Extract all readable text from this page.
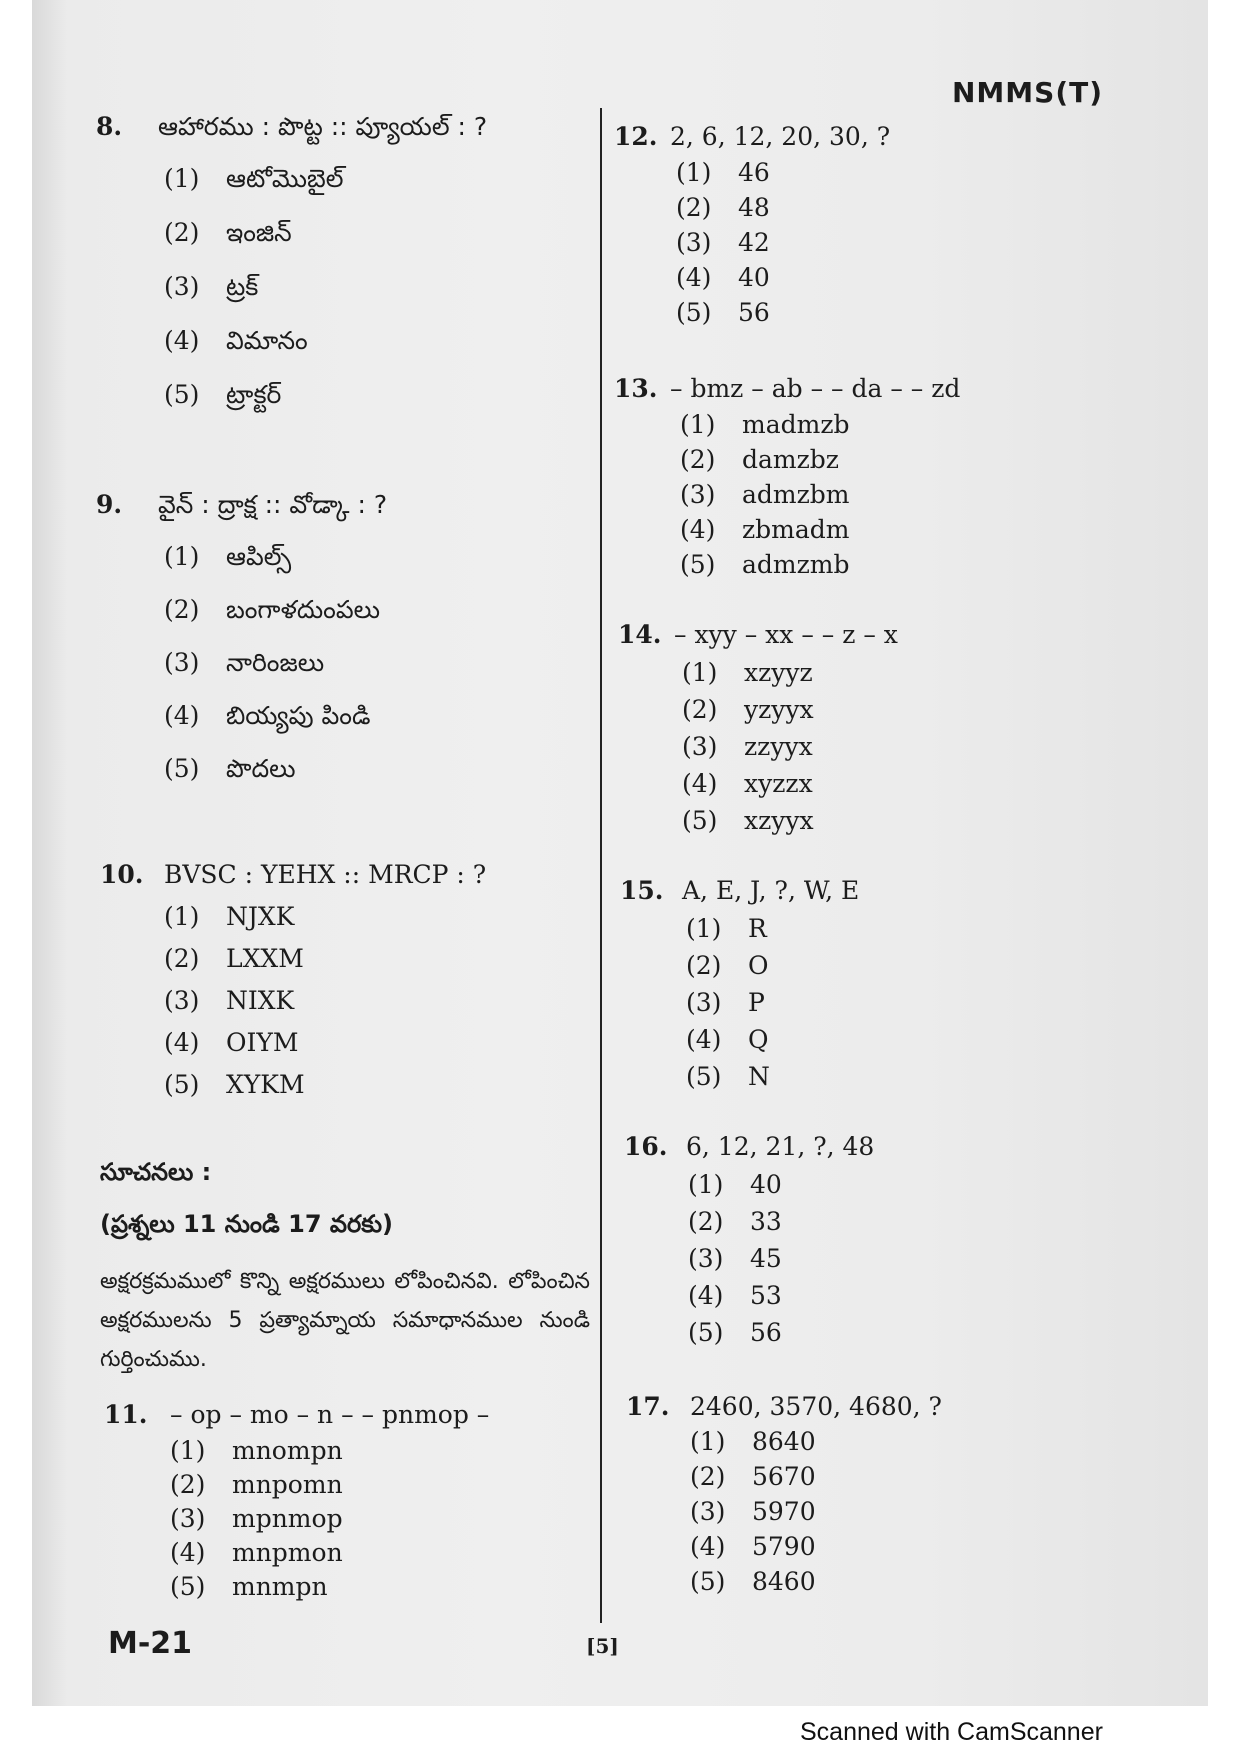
NMMS(T)
8. ఆహారము : పొట్ట :: ప్యూయల్ : ?
(1) ఆటోమొబైల్
(2) ఇంజిన్
(3) ట్రక్
(4) విమానం
(5) ట్రాక్టర్
9. వైన్ : ద్రాక్ష :: వోడ్కా : ?
(1) ఆపిల్స్
(2) బంగాళదుంపలు
(3) నారింజలు
(4) బియ్యపు పిండి
(5) పొదలు
10. BVSC : YEHX :: MRCP : ?
(1) NJXK
(2) LXXM
(3) NIXK
(4) OIYM
(5) XYKM
సూచనలు :
(ప్రశ్నలు 11 నుండి 17 వరకు)
అక్షరక్రమములో కొన్ని అక్షరములు లోపించినవి. లోపించిన అక్షరములను 5 ప్రత్యామ్నాయ సమాధానముల నుండి గుర్తించుము.
11. – op – mo – n – – pnmop –
(1) mnompn
(2) mnpomn
(3) mpnmop
(4) mnpmon
(5) mnmpn
12. 2, 6, 12, 20, 30, ?
(1) 46
(2) 48
(3) 42
(4) 40
(5) 56
13. – bmz – ab – – da – – zd
(1) madmzb
(2) damzbz
(3) admzbm
(4) zbmadm
(5) admzmb
14. – xyy – xx – – z – x
(1) xzyyz
(2) yzyyx
(3) zzyyx
(4) xyzzx
(5) xzyyx
15. A, E, J, ?, W, E
(1) R
(2) O
(3) P
(4) Q
(5) N
16. 6, 12, 21, ?, 48
(1) 40
(2) 33
(3) 45
(4) 53
(5) 56
17. 2460, 3570, 4680, ?
(1) 8640
(2) 5670
(3) 5970
(4) 5790
(5) 8460
M-21	[5]
Scanned with CamScanner
